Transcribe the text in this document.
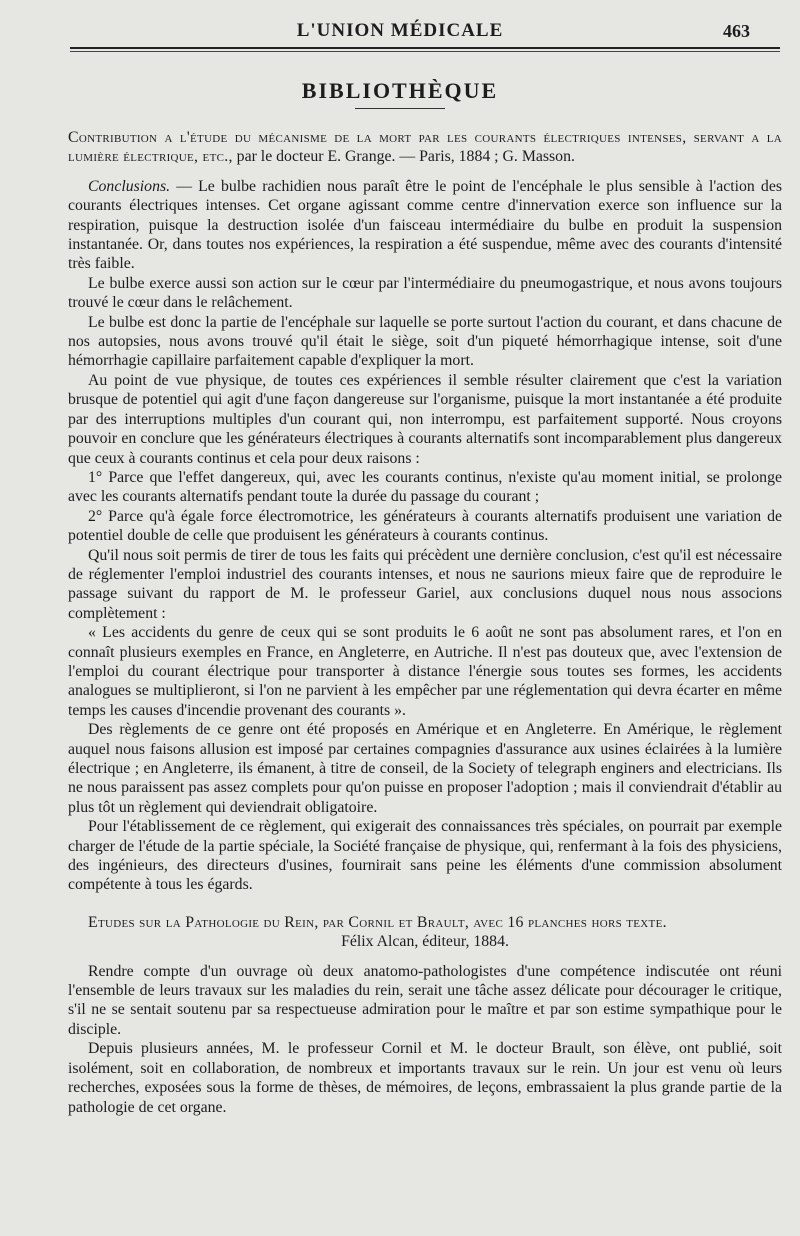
L'UNION MÉDICALE	463
BIBLIOTHÈQUE

Contribution a l'étude du mécanisme de la mort par les courants électriques intenses, servant a la lumière électrique, etc., par le docteur E. Grange. — Paris, 1884 ; G. Masson.

Conclusions. — Le bulbe rachidien nous paraît être le point de l'encéphale le plus sensible à l'action des courants électriques intenses. Cet organe agissant comme centre d'innervation exerce son influence sur la respiration, puisque la destruction isolée d'un faisceau intermédiaire du bulbe en produit la suspension instantanée. Or, dans toutes nos expériences, la respiration a été suspendue, même avec des courants d'intensité très faible.

Le bulbe exerce aussi son action sur le cœur par l'intermédiaire du pneumogastrique, et nous avons toujours trouvé le cœur dans le relâchement.

Le bulbe est donc la partie de l'encéphale sur laquelle se porte surtout l'action du courant, et dans chacune de nos autopsies, nous avons trouvé qu'il était le siège, soit d'un piqueté hémorrhagique intense, soit d'une hémorrhagie capillaire parfaitement capable d'expliquer la mort.

Au point de vue physique, de toutes ces expériences il semble résulter clairement que c'est la variation brusque de potentiel qui agit d'une façon dangereuse sur l'organisme, puisque la mort instantanée a été produite par des interruptions multiples d'un courant qui, non interrompu, est parfaitement supporté. Nous croyons pouvoir en conclure que les générateurs électriques à courants alternatifs sont incomparablement plus dangereux que ceux à courants continus et cela pour deux raisons :

1° Parce que l'effet dangereux, qui, avec les courants continus, n'existe qu'au moment initial, se prolonge avec les courants alternatifs pendant toute la durée du passage du courant ;

2° Parce qu'à égale force électromotrice, les générateurs à courants alternatifs produisent une variation de potentiel double de celle que produisent les générateurs à courants continus.

Qu'il nous soit permis de tirer de tous les faits qui précèdent une dernière conclusion, c'est qu'il est nécessaire de réglementer l'emploi industriel des courants intenses, et nous ne saurions mieux faire que de reproduire le passage suivant du rapport de M. le professeur Gariel, aux conclusions duquel nous nous associons complètement :

« Les accidents du genre de ceux qui se sont produits le 6 août ne sont pas absolument rares, et l'on en connaît plusieurs exemples en France, en Angleterre, en Autriche. Il n'est pas douteux que, avec l'extension de l'emploi du courant électrique pour transporter à distance l'énergie sous toutes ses formes, les accidents analogues se multiplieront, si l'on ne parvient à les empêcher par une réglementation qui devra écarter en même temps les causes d'incendie provenant des courants ».

Des règlements de ce genre ont été proposés en Amérique et en Angleterre. En Amérique, le règlement auquel nous faisons allusion est imposé par certaines compagnies d'assurance aux usines éclairées à la lumière électrique ; en Angleterre, ils émanent, à titre de conseil, de la Society of telegraph enginers and electricians. Ils ne nous paraissent pas assez complets pour qu'on puisse en proposer l'adoption ; mais il conviendrait d'établir au plus tôt un règlement qui deviendrait obligatoire.

Pour l'établissement de ce règlement, qui exigerait des connaissances très spéciales, on pourrait par exemple charger de l'étude de la partie spéciale, la Société française de physique, qui, renfermant à la fois des physiciens, des ingénieurs, des directeurs d'usines, fournirait sans peine les éléments d'une commission absolument compétente à tous les égards.

Etudes sur la Pathologie du Rein, par Cornil et Brault, avec 16 planches hors texte.

Félix Alcan, éditeur, 1884.

Rendre compte d'un ouvrage où deux anatomo-pathologistes d'une compétence indiscutée ont réuni l'ensemble de leurs travaux sur les maladies du rein, serait une tâche assez délicate pour décourager le critique, s'il ne se sentait soutenu par sa respectueuse admiration pour le maître et par son estime sympathique pour le disciple.

Depuis plusieurs années, M. le professeur Cornil et M. le docteur Brault, son élève, ont publié, soit isolément, soit en collaboration, de nombreux et importants travaux sur le rein. Un jour est venu où leurs recherches, exposées sous la forme de thèses, de mémoires, de leçons, embrassaient la plus grande partie de la pathologie de cet organe.
